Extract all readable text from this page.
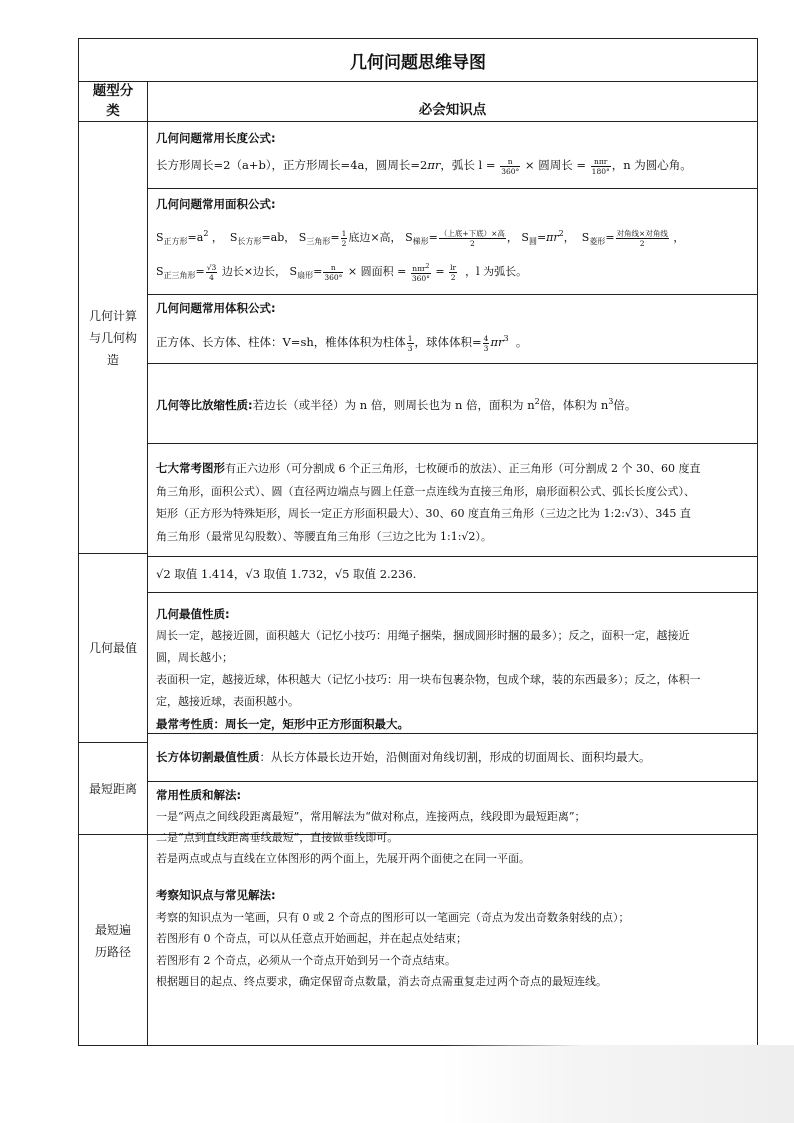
几何问题思维导图
题型分类	必会知识点
几何计算与几何构造
几何最值
最短距离
最短遍历路径
几何问题常用长度公式:
长方形周长=2（a+b），正方形周长=4a，圆周长=2πr，弧长 $l = \frac{n}{360^\circ}$ × 圆周长 = $\frac{\text{nπr}}{180^\circ}$ ，n 为圆心角。
几何问题常用面积公式:
$S_{正方形}=a^2$ ，  $S_{长方形}=ab$， $S_{三角形}= \frac{1}{2}$ 底边×高， $S_{梯形}= \frac{\text{（上底+下底）×高}}{2}$ ， $S_圆=\pi r^2$，  $S_{菱形}= \frac{\text{对角线×对角线}}{2}$ ，
$S_{正三角形}= \frac{√3}{4}$ 边长×边长， $S_{扇形}= \frac{n}{360^\circ}$ × 圆面积 = $\frac{n\pi r^2}{360^\circ} = \frac{lr}{2}$ ，l 为弧长。
几何问题常用体积公式:
正方体、长方体、柱体：V=sh，椎体体积为柱体 $\frac{1}{3}$ ，球体体积= $\frac{4}{3} \pi r^3$ 。
几何等比放缩性质:若边长（或半径）为 n 倍，则周长也为 n 倍，面积为 $n^2$倍，体积为 $n^3$倍。
七大常考图形有正六边形（可分割成 6 个正三角形，七枚硬币的放法）、正三角形（可分割成 2 个 30、60 度直
角三角形，面积公式）、圆（直径两边端点与圆上任意一点连线为直接三角形，扇形面积公式、弧长长度公式）、
矩形（正方形为特殊矩形，周长一定正方形面积最大）、30、60 度直角三角形（三边之比为 1:2:√3）、345 直
角三角形（最常见勾股数）、等腰直角三角形（三边之比为 1:1:√2）。
√2 取值 1.414，√3 取值 1.732，√5 取值 2.236.
几何最值性质:
周长一定，越接近圆，面积越大（记忆小技巧：用绳子捆柴，捆成圆形时捆的最多）；反之，面积一定，越接近
圆，周长越小；
表面积一定，越接近球，体积越大（记忆小技巧：用一块布包裹杂物，包成个球，装的东西最多）；反之，体积一
定，越接近球，表面积越小。
最常考性质：周长一定，矩形中正方形面积最大。
长方体切割最值性质：从长方体最长边开始，沿侧面对角线切割，形成的切面周长、面积均最大。
常用性质和解法:
一是“两点之间线段距离最短”，常用解法为“做对称点，连接两点，线段即为最短距离”；
二是“点到直线距离垂线最短”，直接做垂线即可。
若是两点或点与直线在立体图形的两个面上，先展开两个面使之在同一平面。
考察知识点与常见解法:
考察的知识点为一笔画，只有 0 或 2 个奇点的图形可以一笔画完（奇点为发出奇数条射线的点）；
若图形有 0 个奇点，可以从任意点开始画起，并在起点处结束；
若图形有 2 个奇点，必须从一个奇点开始到另一个奇点结束。
根据题目的起点、终点要求，确定保留奇点数量，消去奇点需重复走过两个奇点的最短连线。
